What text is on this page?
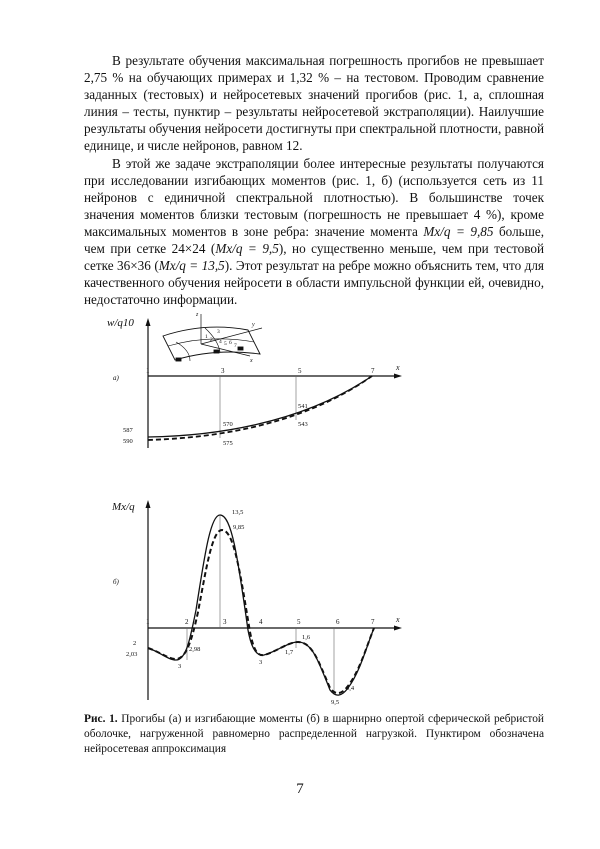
В результате обучения максимальная погрешность прогибов не превышает 2,75 % на обучающих примерах и 1,32 % – на тестовом. Проводим сравнение заданных (тестовых) и нейросетевых значений прогибов (рис. 1, а, сплошная линия – тесты, пунктир – результаты нейросетевой экстраполяции). Наилучшие результаты обучения нейросети достигнуты при спектральной плотности, равной единице, и числе нейронов, равном 12.

В этой же задаче экстраполяции более интересные результаты получаются при исследовании изгибающих моментов (рис. 1, б) (используется сеть из 11 нейронов с единичной спектральной плотностью). В большинстве точек значения моментов близки тестовым (погрешность не превышает 4 %), кроме максимальных моментов в зоне ребра: значение момента Mx/q = 9,85 больше, чем при сетке 24×24 (Mx/q = 9,5), но существенно меньше, чем при тестовой сетке 36×36 (Mx/q = 13,5). Этот результат на ребре можно объяснить тем, что для качественного обучения нейросети в области импульсной функции ей, очевидно, недостаточно информации.

w/q10
x
а)
z
y
x
1 2
3
4 5 6 7
1	3	5	7
587
590
570
575
541
543
Mx/q
x
б)
1	2	3	4	5	6	7
13,5
9,85
2
2,03
2,98
3
3
1,7
1,6
9,4
9,5
Рис. 1. Прогибы (а) и изгибающие моменты (б) в шарнирно опертой сферической ребристой оболочке, нагруженной равномерно распределенной нагрузкой. Пунктиром обозначена нейросетевая аппроксимация
7
